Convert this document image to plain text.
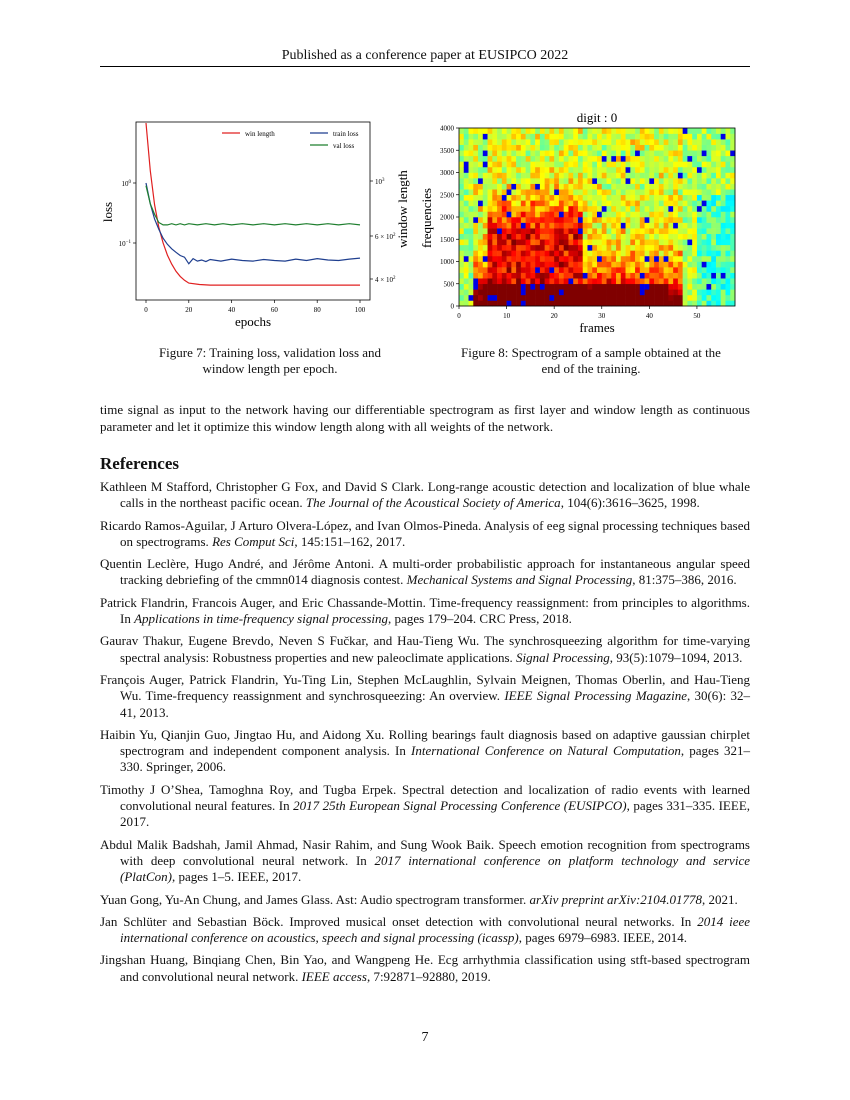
Published as a conference paper at EUSIPCO 2022
0	20	40	60	80	100
$10^0$
$10^{-1}$
$10^3$
$6 \times 10^2$
$4 \times 10^2$
epochs
loss	window length
win length	train loss
val loss
digit : 0
0	10	20	30	40	50
0
500
1000
1500
2000
2500
3000
3500
4000
frames
frequencies
Figure 7: Training loss, validation loss and window length per epoch.
Figure 8: Spectrogram of a sample obtained at the end of the training.
time signal as input to the network having our differentiable spectrogram as first layer and window length as continuous parameter and let it optimize this window length along with all weights of the network.
References
Kathleen M Stafford, Christopher G Fox, and David S Clark. Long-range acoustic detection and localization of blue whale calls in the northeast pacific ocean. The Journal of the Acoustical Society of America, 104(6):3616–3625, 1998.
Ricardo Ramos-Aguilar, J Arturo Olvera-López, and Ivan Olmos-Pineda. Analysis of eeg signal processing techniques based on spectrograms. Res Comput Sci, 145:151–162, 2017.
Quentin Leclère, Hugo André, and Jérôme Antoni. A multi-order probabilistic approach for instantaneous angular speed tracking debriefing of the cmmn014 diagnosis contest. Mechanical Systems and Signal Processing, 81:375–386, 2016.
Patrick Flandrin, Francois Auger, and Eric Chassande-Mottin. Time-frequency reassignment: from principles to algorithms. In Applications in time-frequency signal processing, pages 179–204. CRC Press, 2018.
Gaurav Thakur, Eugene Brevdo, Neven S Fučkar, and Hau-Tieng Wu. The synchrosqueezing algorithm for time-varying spectral analysis: Robustness properties and new paleoclimate applications. Signal Processing, 93(5):1079–1094, 2013.
François Auger, Patrick Flandrin, Yu-Ting Lin, Stephen McLaughlin, Sylvain Meignen, Thomas Oberlin, and Hau-Tieng Wu. Time-frequency reassignment and synchrosqueezing: An overview. IEEE Signal Processing Magazine, 30(6): 32–41, 2013.
Haibin Yu, Qianjin Guo, Jingtao Hu, and Aidong Xu. Rolling bearings fault diagnosis based on adaptive gaussian chirplet spectrogram and independent component analysis. In International Conference on Natural Computation, pages 321–330. Springer, 2006.
Timothy J O’Shea, Tamoghna Roy, and Tugba Erpek. Spectral detection and localization of radio events with learned convolutional neural features. In 2017 25th European Signal Processing Conference (EUSIPCO), pages 331–335. IEEE, 2017.
Abdul Malik Badshah, Jamil Ahmad, Nasir Rahim, and Sung Wook Baik. Speech emotion recognition from spectrograms with deep convolutional neural network. In 2017 international conference on platform technology and service (PlatCon), pages 1–5. IEEE, 2017.
Yuan Gong, Yu-An Chung, and James Glass. Ast: Audio spectrogram transformer. arXiv preprint arXiv:2104.01778, 2021.
Jan Schlüter and Sebastian Böck. Improved musical onset detection with convolutional neural networks. In 2014 ieee international conference on acoustics, speech and signal processing (icassp), pages 6979–6983. IEEE, 2014.
Jingshan Huang, Binqiang Chen, Bin Yao, and Wangpeng He. Ecg arrhythmia classification using stft-based spectrogram and convolutional neural network. IEEE access, 7:92871–92880, 2019.
7
